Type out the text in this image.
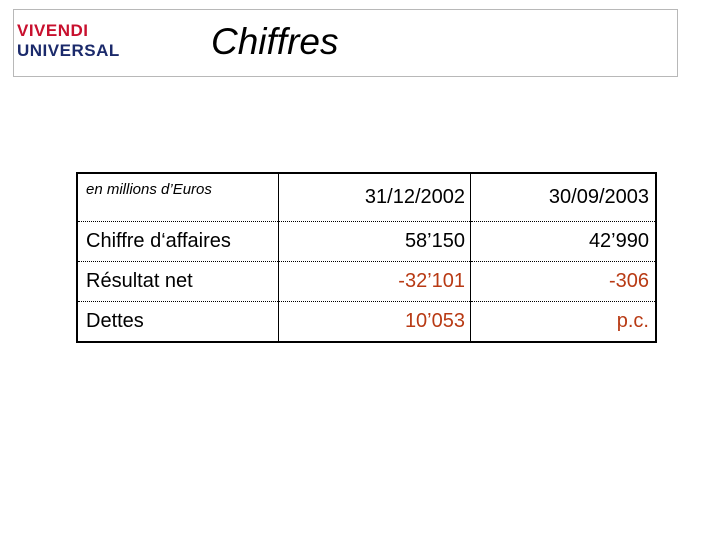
VIVENDI
UNIVERSAL Chiffres
en millions d’Euros	31/12/2002	30/09/2003
Chiffre d‘affaires	58’150	42’990
Résultat net	-32’101	-306
Dettes	10’053	p.c.
